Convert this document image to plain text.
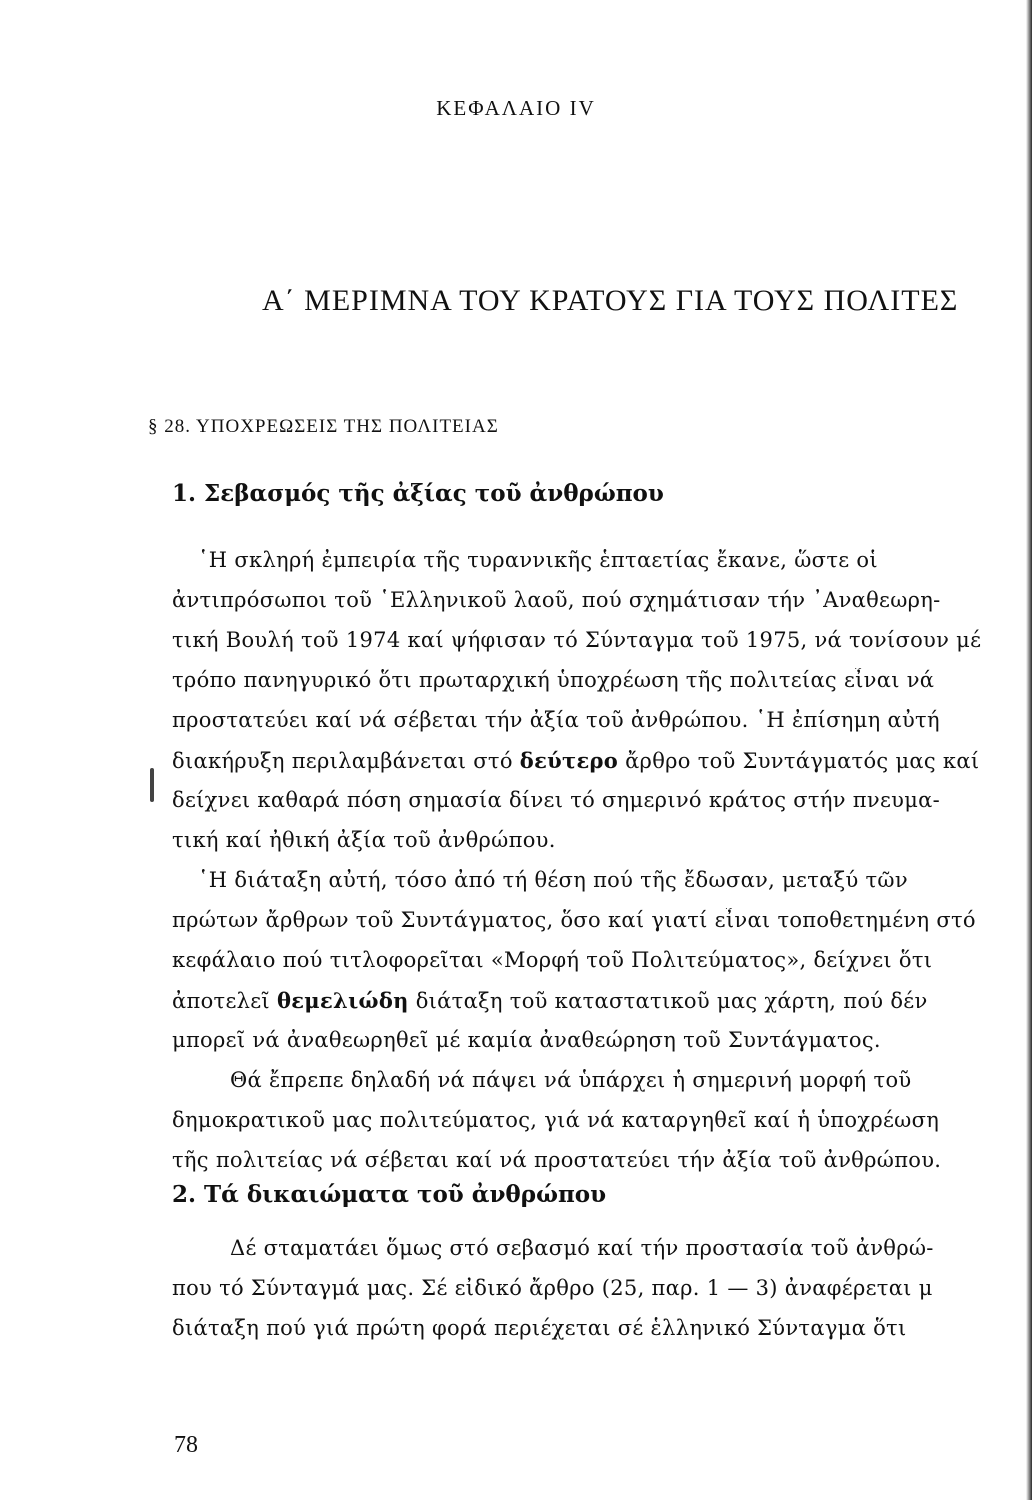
ΚΕΦΑΛΑΙΟ IV
Α΄ ΜΕΡΙΜΝΑ ΤΟΥ ΚΡΑΤΟΥΣ ΓΙΑ ΤΟΥΣ ΠΟΛΙΤΕΣ
§ 28. ΥΠΟΧΡΕΩΣΕΙΣ ΤΗΣ ΠΟΛΙΤΕΙΑΣ
1. Σεβασμός τῆς ἀξίας τοῦ ἀνθρώπου
῾Η σκληρή ἐμπειρία τῆς τυραννικῆς ἑπταετίας ἔκανε, ὥστε οἱ
ἀντιπρόσωποι τοῦ ῾Ελληνικοῦ λαοῦ, πού σχημάτισαν τήν ᾿Αναθεωρη-
τική Βουλή τοῦ 1974 καί ψήφισαν τό Σύνταγμα τοῦ 1975, νά τονίσουν μέ
τρόπο πανηγυρικό ὅτι πρωταρχική ὑποχρέωση τῆς πολιτείας εἶναι νά
προστατεύει καί νά σέβεται τήν ἀξία τοῦ ἀνθρώπου. ῾Η ἐπίσημη αὐτή
διακήρυξη περιλαμβάνεται στό δεύτερο ἄρθρο τοῦ Συντάγματός μας καί
δείχνει καθαρά πόση σημασία δίνει τό σημερινό κράτος στήν πνευμα-
τική καί ἠθική ἀξία τοῦ ἀνθρώπου.
῾Η διάταξη αὐτή, τόσο ἀπό τή θέση πού τῆς ἔδωσαν, μεταξύ τῶν
πρώτων ἄρθρων τοῦ Συντάγματος, ὅσο καί γιατί εἶναι τοποθετημένη στό
κεφάλαιο πού τιτλοφορεῖται «Μορφή τοῦ Πολιτεύματος», δείχνει ὅτι
ἀποτελεῖ θεμελιώδη διάταξη τοῦ καταστατικοῦ μας χάρτη, πού δέν
μπορεῖ νά ἀναθεωρηθεῖ μέ καμία ἀναθεώρηση τοῦ Συντάγματος.
Θά ἔπρεπε δηλαδή νά πάψει νά ὑπάρχει ἡ σημερινή μορφή τοῦ
δημοκρατικοῦ μας πολιτεύματος, γιά νά καταργηθεῖ καί ἡ ὑποχρέωση
τῆς πολιτείας νά σέβεται καί νά προστατεύει τήν ἀξία τοῦ ἀνθρώπου.
2. Τά δικαιώματα τοῦ ἀνθρώπου
Δέ σταματάει ὅμως στό σεβασμό καί τήν προστασία τοῦ ἀνθρώ-
που τό Σύνταγμά μας. Σέ εἰδικό ἄρθρο (25, παρ. 1 — 3) ἀναφέρεται μ
διάταξη πού γιά πρώτη φορά περιέχεται σέ ἑλληνικό Σύνταγμα ὅτι
78
